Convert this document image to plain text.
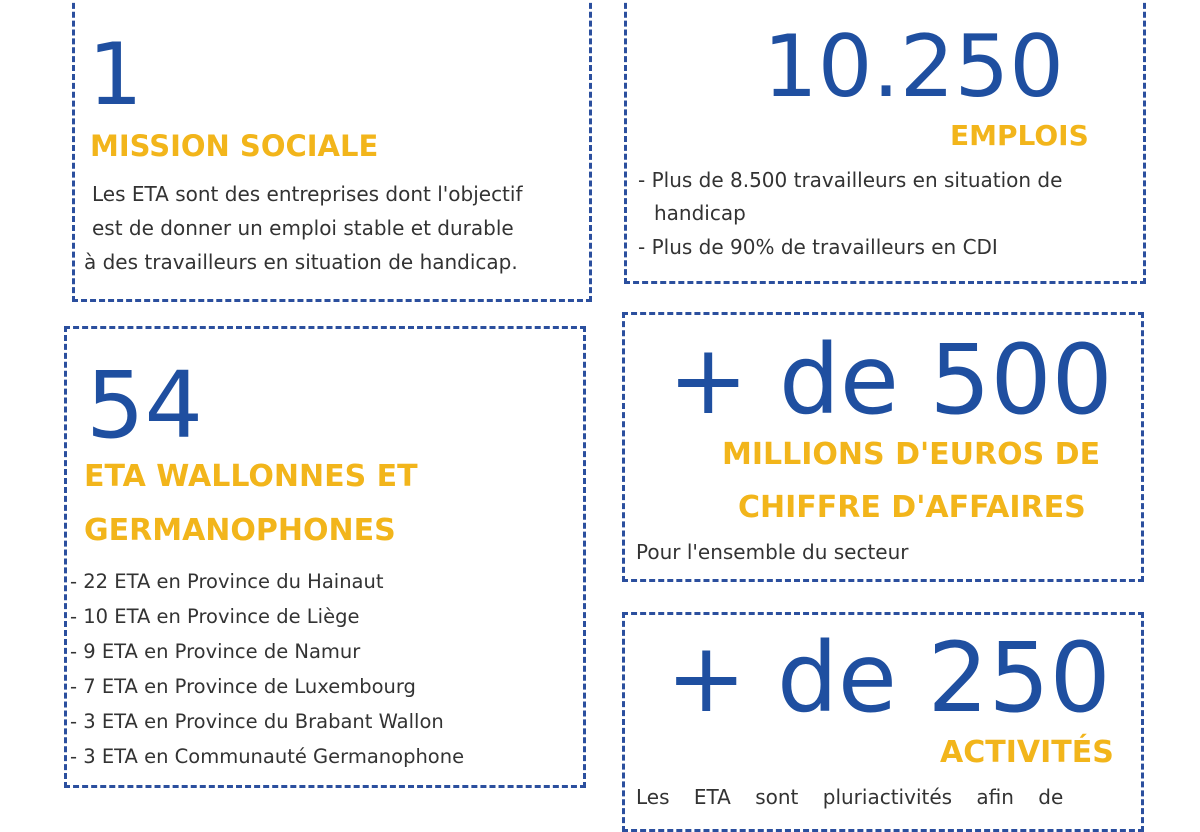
1
MISSION SOCIALE
Les ETA sont des entreprises dont l'objectif
est de donner un emploi stable et durable
à des travailleurs en situation de handicap.
10.250
EMPLOIS
- Plus de 8.500 travailleurs en situation de
handicap
- Plus de 90% de travailleurs en CDI
54
ETA WALLONNES ET
GERMANOPHONES
- 22 ETA en Province du Hainaut
- 10 ETA en Province de Liège
- 9 ETA en Province de Namur
- 7 ETA en Province de Luxembourg
- 3 ETA en Province du Brabant Wallon
- 3 ETA en Communauté Germanophone
+ de 500
MILLIONS D'EUROS DE
CHIFFRE D'AFFAIRES
Pour l'ensemble du secteur
+ de 250
ACTIVITÉS
Les ETA sont pluriactivités afin de
